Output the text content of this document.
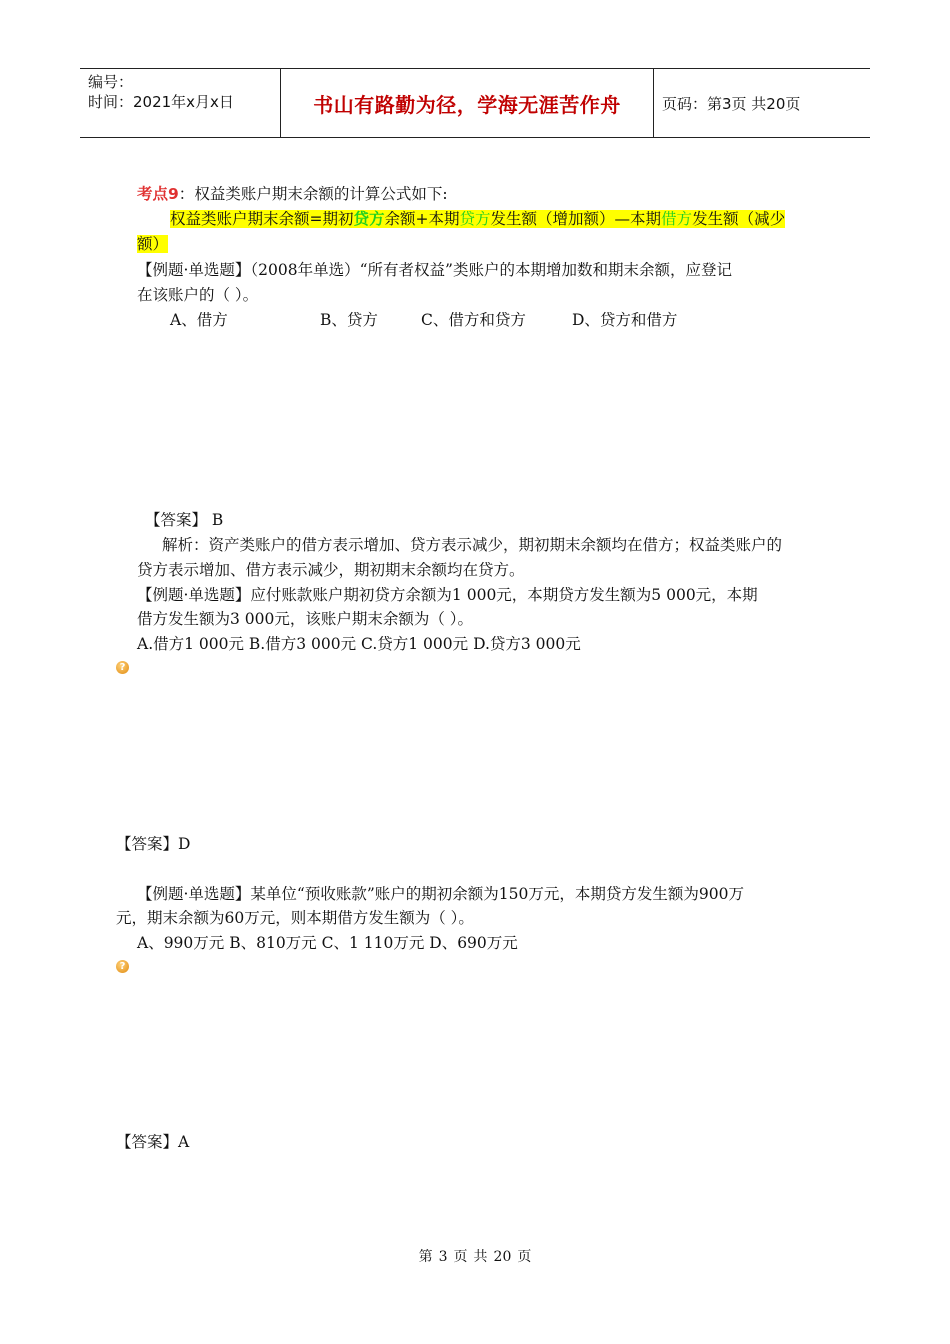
编号：
时间：2021年x月x日	书山有路勤为径，学海无涯苦作舟	页码：第3页 共20页
考点9：权益类账户期末余额的计算公式如下:
权益类账户期末余额=期初贷方余额+本期贷方发生额（增加额）—本期借方发生额（减少
额）
【例题·单选题】（2008年单选）“所有者权益”类账户的本期增加数和期末余额，应登记
在该账户的（ ）。
A、借方	B、贷方	C、借方和贷方	D、贷方和借方
【答案】 B
解析：资产类账户的借方表示增加、贷方表示减少，期初期末余额均在借方；权益类账户的
贷方表示增加、借方表示减少，期初期末余额均在贷方。
【例题·单选题】应付账款账户期初贷方余额为1 000元，本期贷方发生额为5 000元，本期
借方发生额为3 000元，该账户期末余额为（ ）。
A.借方1 000元 B.借方3 000元 C.贷方1 000元 D.贷方3 000元
?
【答案】D
【例题·单选题】某单位“预收账款”账户的期初余额为150万元，本期贷方发生额为900万
元，期末余额为60万元，则本期借方发生额为（ ）。
A、990万元 B、810万元 C、1 110万元 D、690万元
?
【答案】A
第 3 页 共 20 页
